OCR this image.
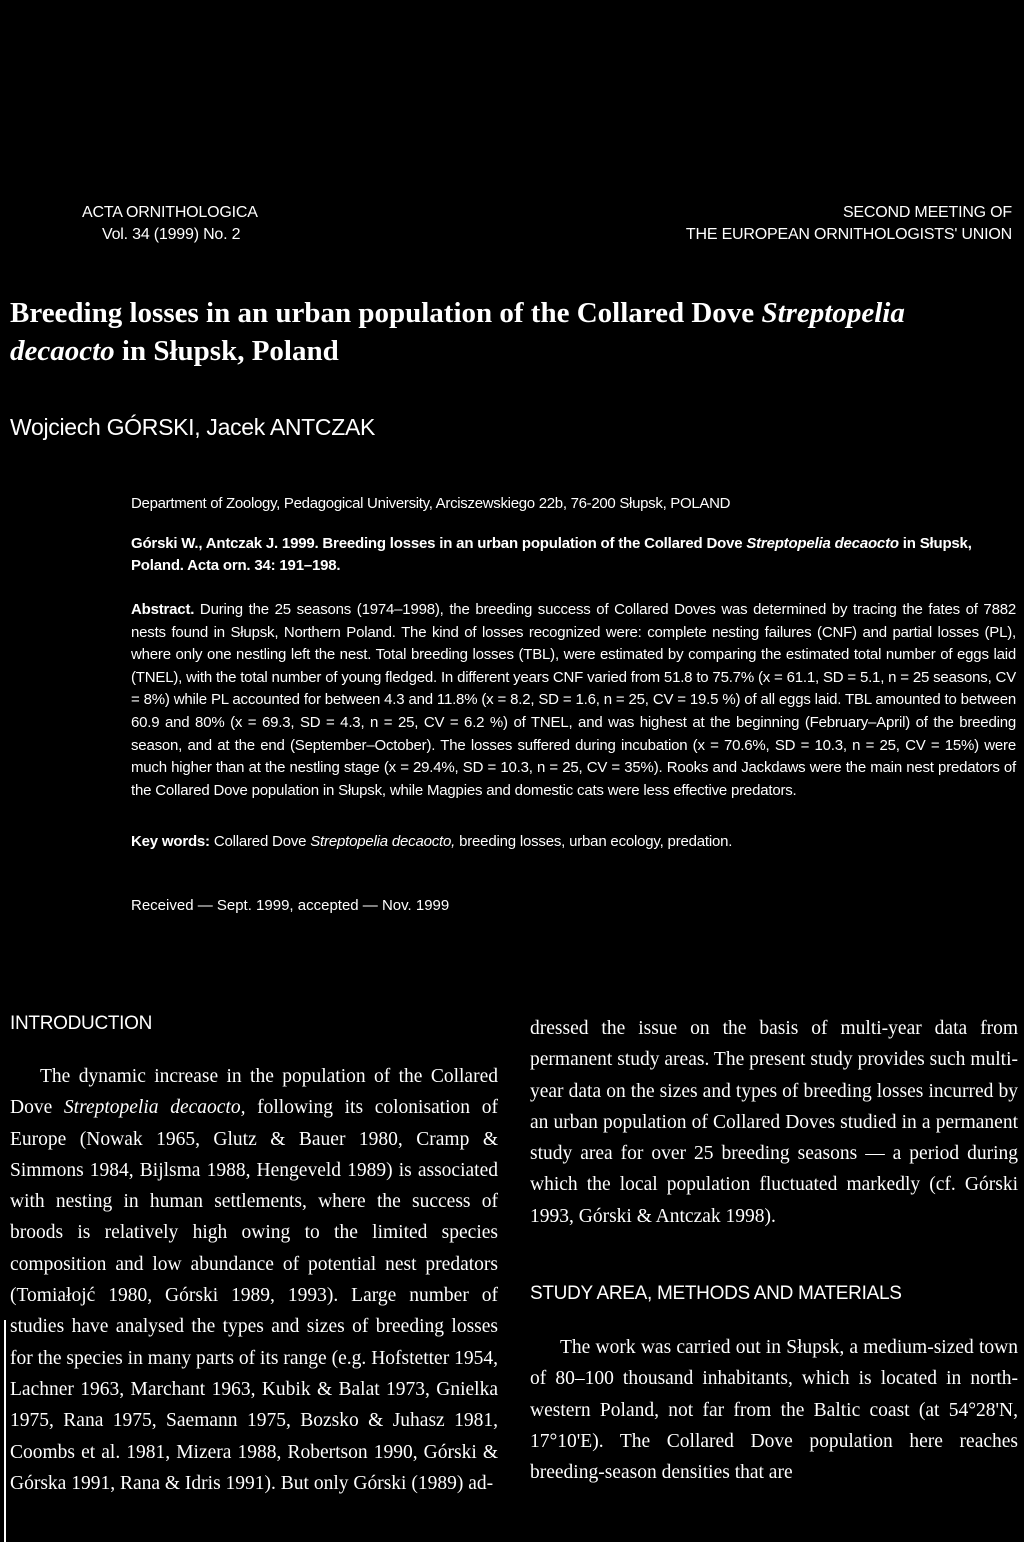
ACTA ORNITHOLOGICA
Vol. 34 (1999) No. 2
SECOND MEETING OF
THE EUROPEAN ORNITHOLOGISTS' UNION
Breeding losses in an urban population of the Collared Dove Streptopelia decaocto in Słupsk, Poland
Wojciech GÓRSKI, Jacek ANTCZAK
Department of Zoology, Pedagogical University, Arciszewskiego 22b, 76-200 Słupsk, POLAND
Górski W., Antczak J. 1999. Breeding losses in an urban population of the Collared Dove Streptopelia decaocto in Słupsk, Poland. Acta orn. 34: 191–198.
Abstract. During the 25 seasons (1974–1998), the breeding success of Collared Doves was determined by tracing the fates of 7882 nests found in Słupsk, Northern Poland. The kind of losses recognized were: complete nesting failures (CNF) and partial losses (PL), where only one nestling left the nest. Total breeding losses (TBL), were estimated by comparing the estimated total number of eggs laid (TNEL), with the total number of young fledged. In different years CNF varied from 51.8 to 75.7% (x = 61.1, SD = 5.1, n = 25 seasons, CV = 8%) while PL accounted for between 4.3 and 11.8% (x = 8.2, SD = 1.6, n = 25, CV = 19.5 %) of all eggs laid. TBL amounted to between 60.9 and 80% (x = 69.3, SD = 4.3, n = 25, CV = 6.2 %) of TNEL, and was highest at the beginning (February–April) of the breeding season, and at the end (September–October). The losses suffered during incubation (x = 70.6%, SD = 10.3, n = 25, CV = 15%) were much higher than at the nestling stage (x = 29.4%, SD = 10.3, n = 25, CV = 35%). Rooks and Jackdaws were the main nest predators of the Collared Dove population in Słupsk, while Magpies and domestic cats were less effective predators.
Key words: Collared Dove Streptopelia decaocto, breeding losses, urban ecology, predation.
Received — Sept. 1999, accepted — Nov. 1999
INTRODUCTION
The dynamic increase in the population of the Collared Dove Streptopelia decaocto, following its colonisation of Europe (Nowak 1965, Glutz & Bauer 1980, Cramp & Simmons 1984, Bijlsma 1988, Hengeveld 1989) is associated with nesting in human settlements, where the success of broods is relatively high owing to the limited species composition and low abundance of potential nest predators (Tomiałojć 1980, Górski 1989, 1993). Large number of studies have analysed the types and sizes of breeding losses for the species in many parts of its range (e.g. Hofstetter 1954, Lachner 1963, Marchant 1963, Kubik & Balat 1973, Gnielka 1975, Rana 1975, Saemann 1975, Bozsko & Juhasz 1981, Coombs et al. 1981, Mizera 1988, Robertson 1990, Górski & Górska 1991, Rana & Idris 1991). But only Górski (1989) ad-
dressed the issue on the basis of multi-year data from permanent study areas. The present study provides such multi-year data on the sizes and types of breeding losses incurred by an urban population of Collared Doves studied in a permanent study area for over 25 breeding seasons — a period during which the local population fluctuated markedly (cf. Górski 1993, Górski & Antczak 1998).
STUDY AREA, METHODS AND MATERIALS
The work was carried out in Słupsk, a medium-sized town of 80–100 thousand inhabitants, which is located in north-western Poland, not far from the Baltic coast (at 54°28'N, 17°10'E). The Collared Dove population here reaches breeding-season densities that are
